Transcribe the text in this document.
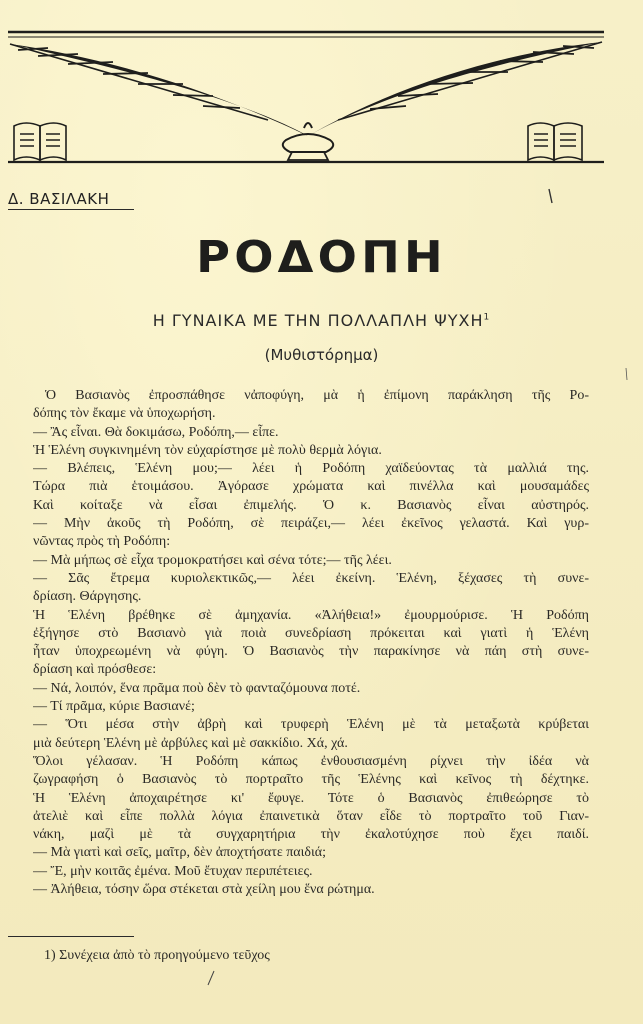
Δ. ΒΑΣΙΛΑΚΗ
ΡΟΔΟΠΗ
Η ΓΥΝΑΙΚΑ ΜΕ ΤΗΝ ΠΟΛΛΑΠΛΗ ΨΥΧΗ$^1$
(Μυθιστόρημα)
Ὁ Βασιανὸς ἐπροσπάθησε νἀποφύγη, μὰ ἡ ἐπίμονη παράκληση τῆς Ρο-
δόπης τὸν ἔκαμε νὰ ὑποχωρήση.
— Ἂς εἶναι. Θὰ δοκιμάσω, Ροδόπη,— εἶπε.
Ἡ Ἑλένη συγκινημένη τὸν εὐχαρίστησε μὲ πολὺ θερμὰ λόγια.
— Βλέπεις, Ἑλένη μου;— λέει ἡ Ροδόπη χαϊδεύοντας τὰ μαλλιά της.
Τώρα πιὰ ἑτοιμάσου. Ἀγόρασε χρώματα καὶ πινέλλα καὶ μουσαμάδες
Καὶ κοίταξε νὰ εἶσαι ἐπιμελής. Ὁ κ. Βασιανὸς εἶναι αὐστηρός.
— Μὴν ἀκοῦς τὴ Ροδόπη, σὲ πειράζει,— λέει ἐκεῖνος γελαστά. Καὶ γυρ-
νῶντας πρὸς τὴ Ροδόπη:
— Μὰ μήπως σὲ εἶχα τρομοκρατήσει καὶ σένα τότε;— τῆς λέει.
— Σᾶς ἔτρεμα κυριολεκτικῶς,— λέει ἐκείνη. Ἑλένη, ξέχασες τὴ συνε-
δρίαση. Θάργησης.
Ἡ Ἑλένη βρέθηκε σὲ ἀμηχανία. «Ἀλήθεια!» ἐμουρμούρισε. Ἡ Ροδόπη
ἐξήγησε στὸ Βασιανὸ γιὰ ποιὰ συνεδρίαση πρόκειται καὶ γιατὶ ἡ Ἑλένη
ἦταν ὑποχρεωμένη νὰ φύγη. Ὁ Βασιανὸς τὴν παρακίνησε νὰ πάη στὴ συνε-
δρίαση καὶ πρόσθεσε:
— Νά, λοιπόν, ἕνα πρᾶμα ποὺ δὲν τὸ φανταζόμουνα ποτέ.
— Τί πρᾶμα, κύριε Βασιανέ;
— Ὅτι μέσα στὴν ἀβρὴ καὶ τρυφερὴ Ἑλένη μὲ τὰ μεταξωτὰ κρύβεται
μιὰ δεύτερη Ἑλένη μὲ ἀρβύλες καὶ μὲ σακκίδιο. Χά, χά.
Ὅλοι γέλασαν. Ἡ Ροδόπη κάπως ἐνθουσιασμένη ρίχνει τὴν ἰδέα νὰ
ζωγραφήση ὁ Βασιανὸς τὸ πορτραῖτο τῆς Ἑλένης καὶ κεῖνος τὴ δέχτηκε.
Ἡ Ἑλένη ἀποχαιρέτησε κι' ἔφυγε. Τότε ὁ Βασιανὸς ἐπιθεώρησε τὸ
ἀτελιὲ καὶ εἶπε πολλὰ λόγια ἐπαινετικὰ ὅταν εἶδε τὸ πορτραῖτο τοῦ Γιαν-
νάκη, μαζὶ μὲ τὰ συγχαρητήρια τὴν ἐκαλοτύχησε ποὺ ἔχει παιδί.
— Μὰ γιατὶ καὶ σεῖς, μαῖτρ, δὲν ἀποχτήσατε παιδιά;
— Ἔ, μὴν κοιτᾶς ἐμένα. Μοῦ ἔτυχαν περιπέτειες.
— Ἀλήθεια, τόσην ὥρα στέκεται στὰ χείλη μου ἕνα ρώτημα.
1) Συνέχεια ἀπὸ τὸ προηγούμενο τεῦχος
